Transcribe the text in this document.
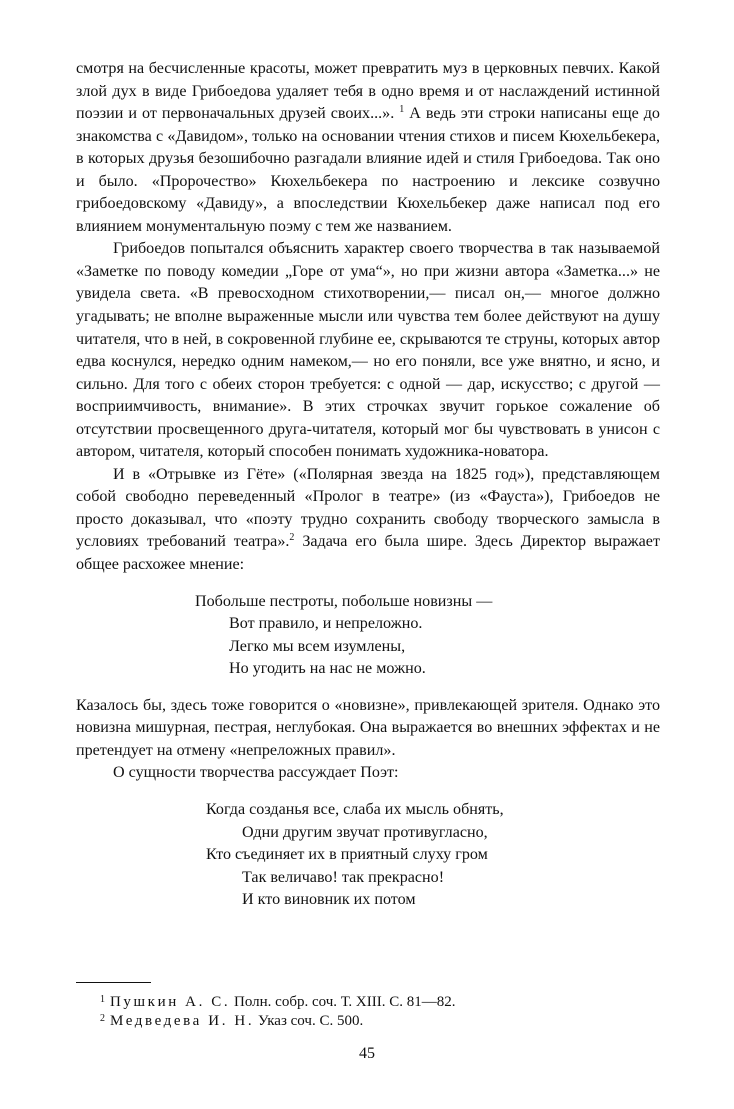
смотря на бесчисленные красоты, может превратить муз в церковных певчих. Какой злой дух в виде Грибоедова удаляет тебя в одно время и от наслаждений истинной поэзии и от первоначальных друзей своих...». $^1$ А ведь эти строки написаны еще до знакомства с «Давидом», только на основании чтения стихов и писем Кюхельбекера, в которых друзья безошибочно разгадали влияние идей и стиля Грибоедова. Так оно и было. «Пророчество» Кюхельбекера по настроению и лексике созвучно грибоедовскому «Давиду», а впоследствии Кюхельбекер даже написал под его влиянием монументальную поэму с тем же названием.

Грибоедов попытался объяснить характер своего творчества в так называемой «Заметке по поводу комедии „Горе от ума“», но при жизни автора «Заметка...» не увидела света. «В превосходном стихотворении,— писал он,— многое должно угадывать; не вполне выраженные мысли или чувства тем более действуют на душу читателя, что в ней, в сокровенной глубине ее, скрываются те струны, которых автор едва коснулся, нередко одним намеком,— но его поняли, все уже внятно, и ясно, и сильно. Для того с обеих сторон требуется: с одной — дар, искусство; с другой — восприимчивость, внимание». В этих строчках звучит горькое сожаление об отсутствии просвещенного друга-читателя, который мог бы чувствовать в унисон с автором, читателя, который способен понимать художника-новатора.

И в «Отрывке из Гёте» («Полярная звезда на 1825 год»), представляющем собой свободно переведенный «Пролог в театре» (из «Фауста»), Грибоедов не просто доказывал, что «поэту трудно сохранить свободу творческого замысла в условиях требований театра».$^2$ Задача его была шире. Здесь Директор выражает общее расхожее мнение:

Побольше пестроты, побольше новизны —
Вот правило, и непреложно.
Легко мы всем изумлены,
Но угодить на нас не можно.

Казалось бы, здесь тоже говорится о «новизне», привлекающей зрителя. Однако это новизна мишурная, пестрая, неглубокая. Она выражается во внешних эффектах и не претендует на отмену «непреложных правил».

О сущности творчества рассуждает Поэт:

Когда созданья все, слаба их мысль обнять,
Одни другим звучат противугласно,
Кто съединяет их в приятный слуху гром
Так величаво! так прекрасно!
И кто виновник их потом
1 Пушкин А. С. Полн. собр. соч. Т. XIII. С. 81—82.
2 Медведева И. Н. Указ соч. С. 500.
45
